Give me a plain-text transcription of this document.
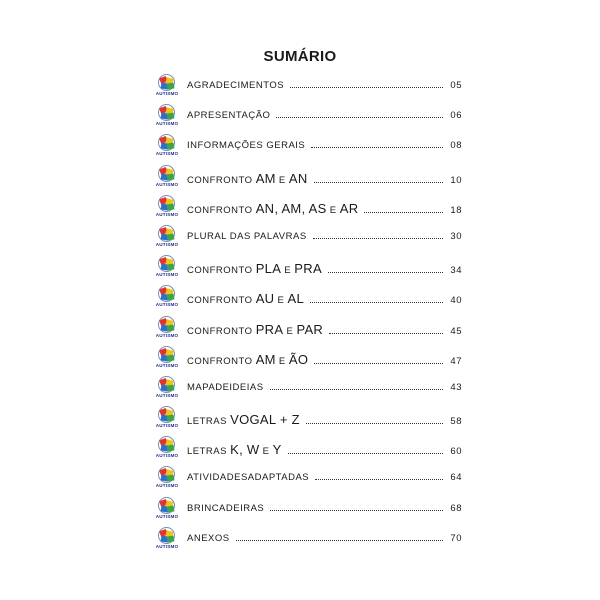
SUMÁRIO
AUTISMO
AGRADECIMENTOS	05
AUTISMO
APRESENTAÇÃO	06
AUTISMO
INFORMAÇÕES GERAIS	08
AUTISMO CONFRONTO AM E AN	10
AUTISMO CONFRONTO AN, AM, AS E AR	18
AUTISMO
PLURAL DAS PALAVRAS	30
AUTISMO CONFRONTO PLA E PRA	34
AUTISMO CONFRONTO AU E AL	40
AUTISMO CONFRONTO PRA E PAR	45
AUTISMO CONFRONTO AM E ÃO	47
AUTISMO
MAPADEIDEIAS	43
AUTISMO LETRAS VOGAL + Z	58
AUTISMO LETRAS K, W E Y	60
AUTISMO
ATIVIDADESADAPTADAS	64
AUTISMO
BRINCADEIRAS	68
AUTISMO
ANEXOS	70
